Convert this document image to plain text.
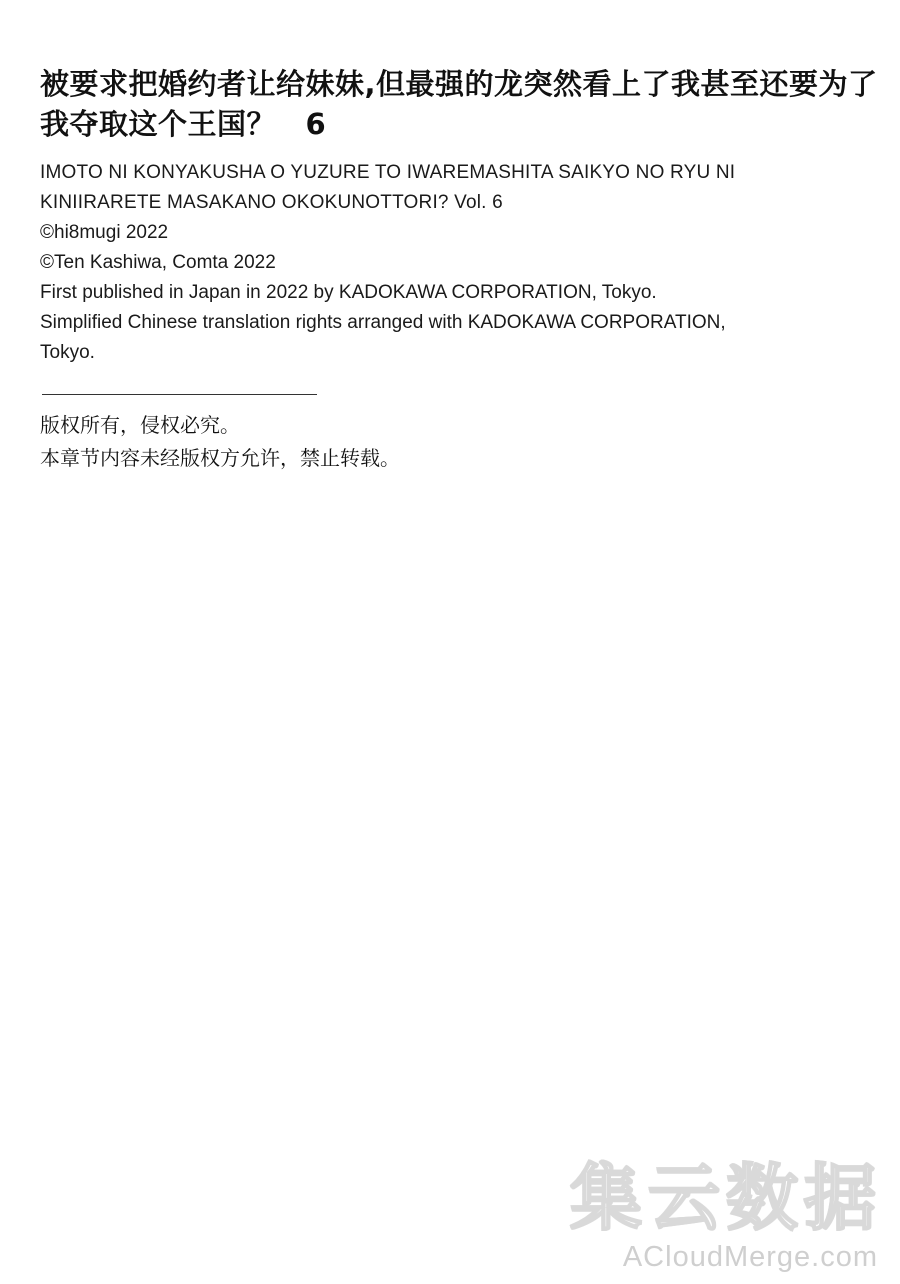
被要求把婚约者让给妹妹,但最强的龙突然看上了我甚至还要为了我夺取这个王国？　6
IMOTO NI KONYAKUSHA O YUZURE TO IWAREMASHITA SAIKYO NO RYU NI
KINIIRARETE MASAKANO OKOKUNOTTORI? Vol. 6
©hi8mugi 2022
©Ten Kashiwa, Comta 2022
First published in Japan in 2022 by KADOKAWA CORPORATION, Tokyo.
Simplified Chinese translation rights arranged with KADOKAWA CORPORATION,
Tokyo.
版权所有，侵权必究。
本章节内容未经版权方允许，禁止转载。
集云数据
ACloudMerge.com
